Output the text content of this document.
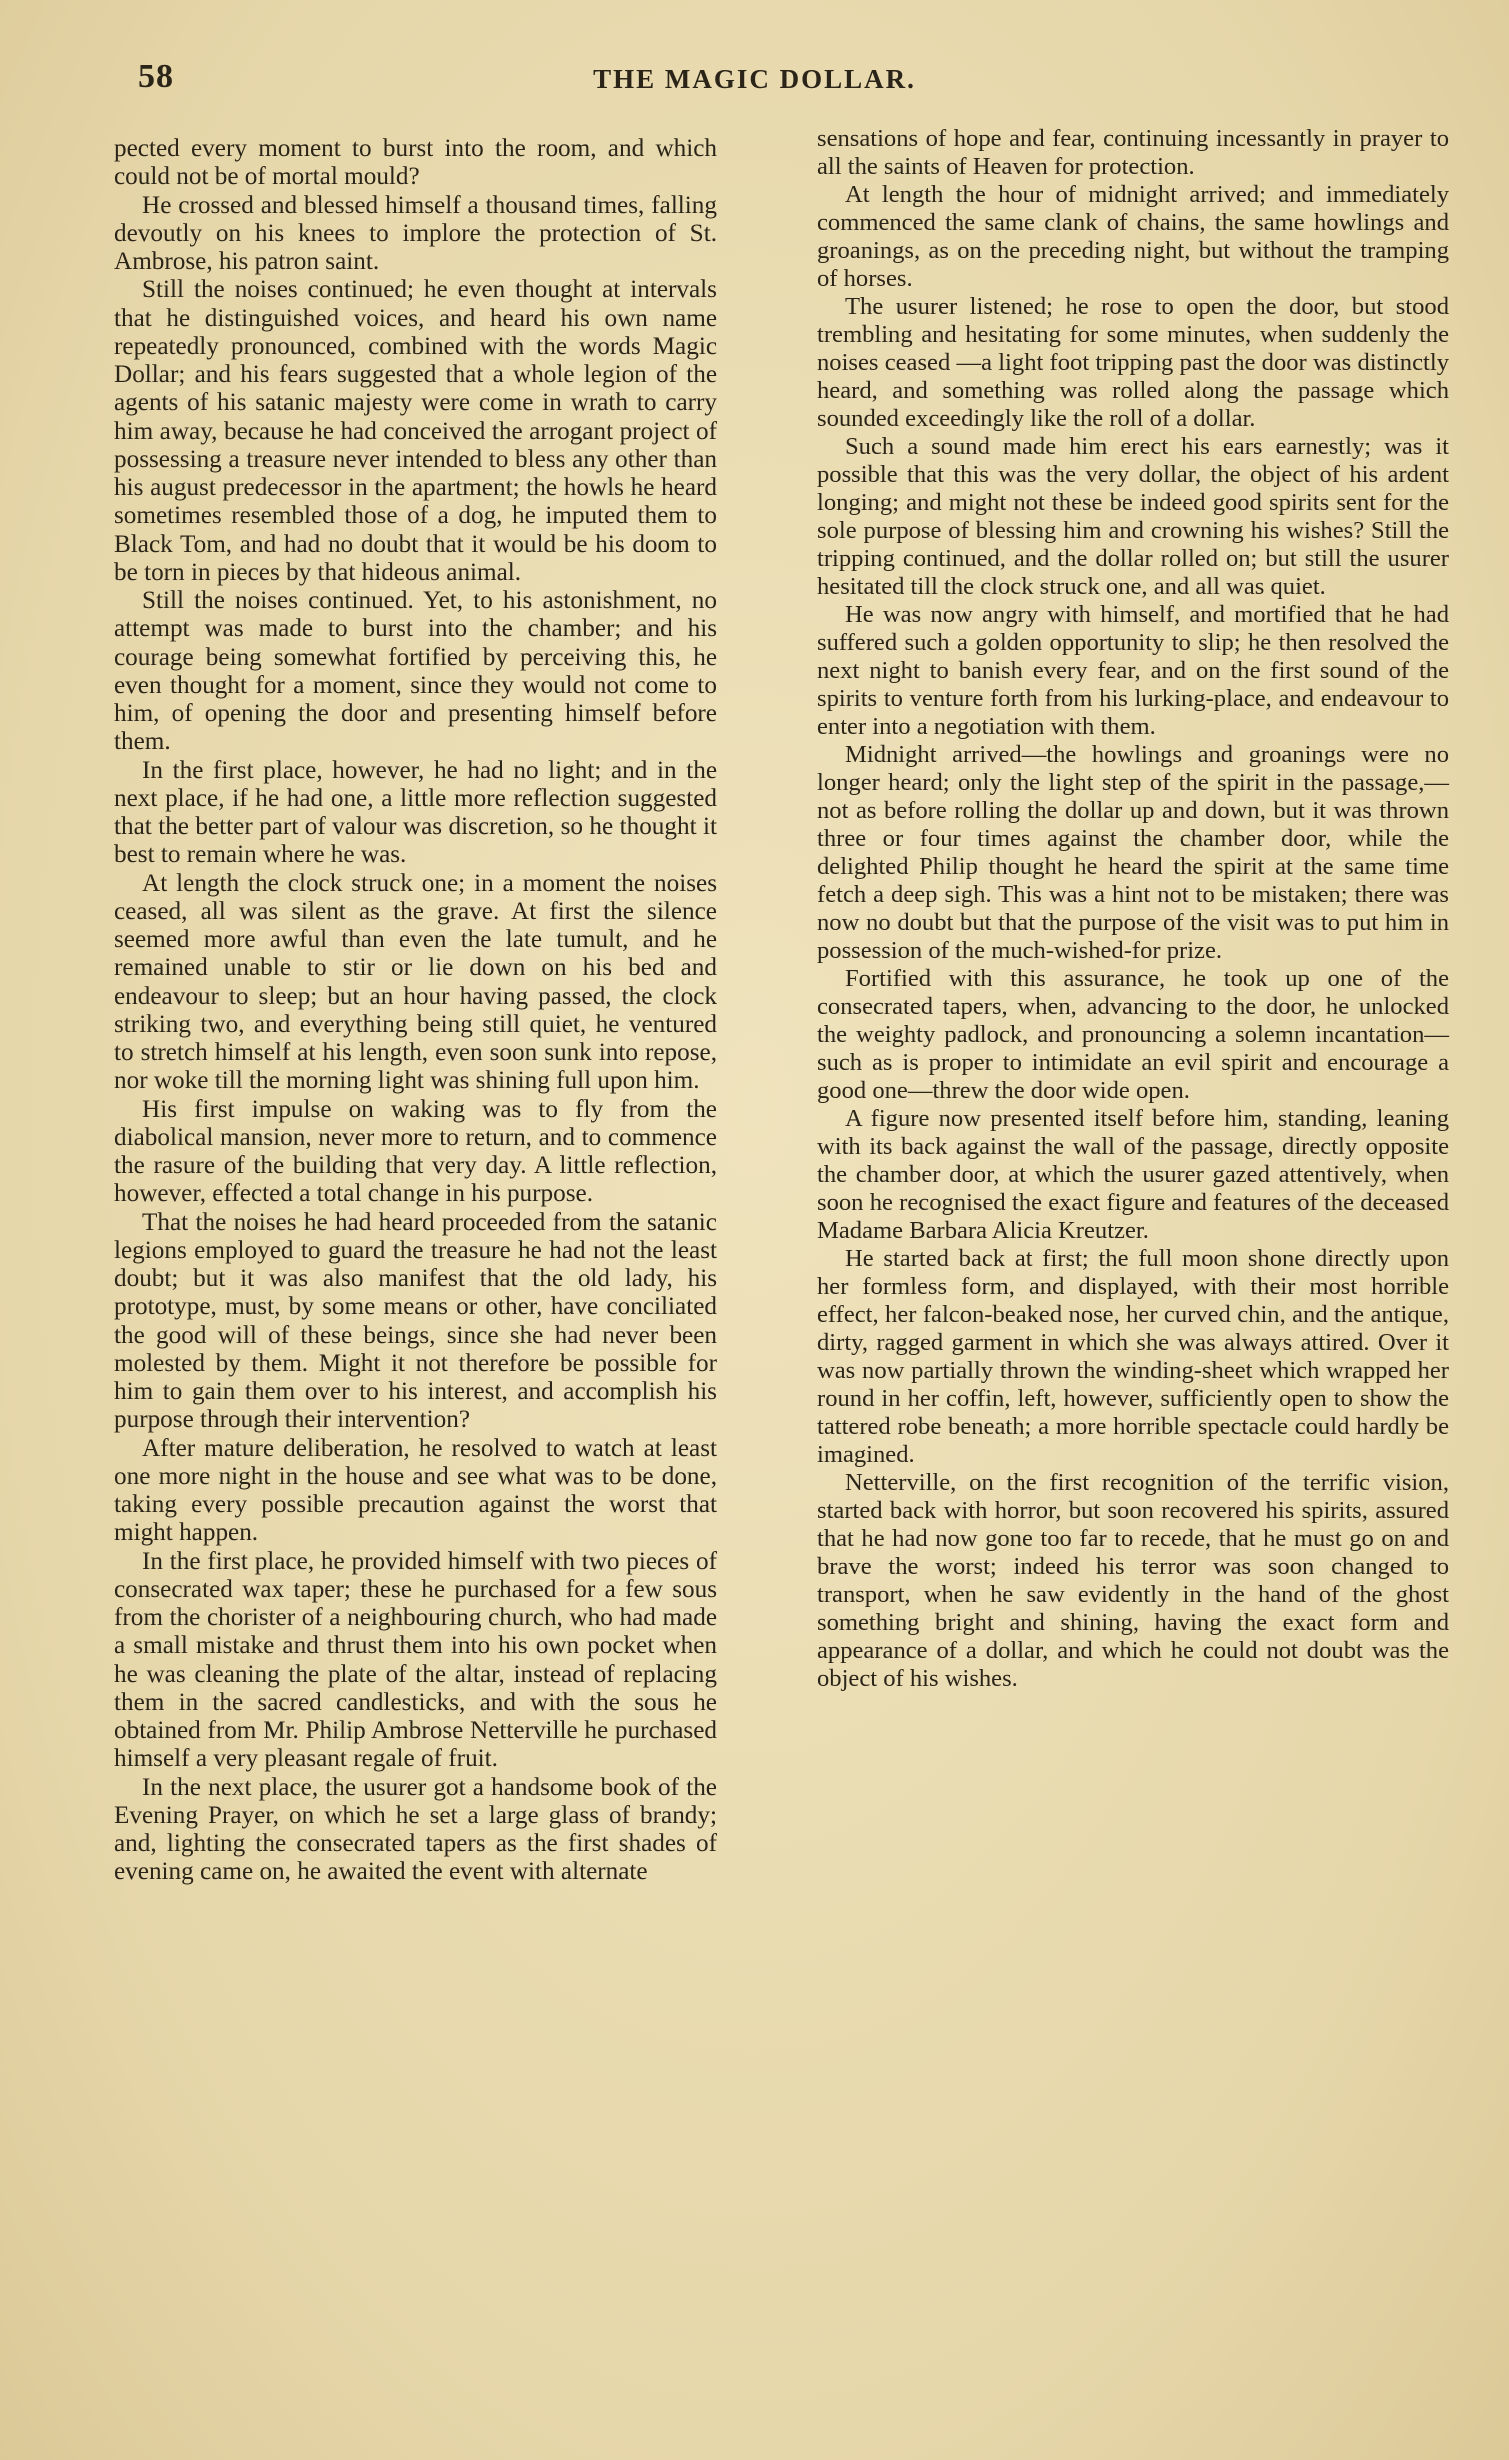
58	THE MAGIC DOLLAR.

pected every moment to burst into the room, and which could not be of mortal mould?

He crossed and blessed himself a thousand times, falling devoutly on his knees to implore the protection of St. Ambrose, his patron saint.

Still the noises continued; he even thought at intervals that he distinguished voices, and heard his own name repeatedly pronounced, combined with the words Magic Dollar; and his fears suggested that a whole legion of the agents of his satanic majesty were come in wrath to carry him away, because he had conceived the arrogant project of possessing a treasure never intended to bless any other than his august predecessor in the apartment; the howls he heard sometimes resembled those of a dog, he imputed them to Black Tom, and had no doubt that it would be his doom to be torn in pieces by that hideous animal.

Still the noises continued. Yet, to his astonishment, no attempt was made to burst into the chamber; and his courage being somewhat fortified by perceiving this, he even thought for a moment, since they would not come to him, of opening the door and presenting himself before them.

In the first place, however, he had no light; and in the next place, if he had one, a little more reflection suggested that the better part of valour was discretion, so he thought it best to remain where he was.

At length the clock struck one; in a moment the noises ceased, all was silent as the grave. At first the silence seemed more awful than even the late tumult, and he remained unable to stir or lie down on his bed and endeavour to sleep; but an hour having passed, the clock striking two, and everything being still quiet, he ventured to stretch himself at his length, even soon sunk into repose, nor woke till the morning light was shining full upon him.

His first impulse on waking was to fly from the diabolical mansion, never more to return, and to commence the rasure of the building that very day. A little reflection, however, effected a total change in his purpose.

That the noises he had heard proceeded from the satanic legions employed to guard the treasure he had not the least doubt; but it was also manifest that the old lady, his prototype, must, by some means or other, have conciliated the good will of these beings, since she had never been molested by them. Might it not therefore be possible for him to gain them over to his interest, and accomplish his purpose through their intervention?

After mature deliberation, he resolved to watch at least one more night in the house and see what was to be done, taking every possible precaution against the worst that might happen.

In the first place, he provided himself with two pieces of consecrated wax taper; these he purchased for a few sous from the chorister of a neighbouring church, who had made a small mistake and thrust them into his own pocket when he was cleaning the plate of the altar, instead of replacing them in the sacred candlesticks, and with the sous he obtained from Mr. Philip Ambrose Netterville he purchased himself a very pleasant regale of fruit.

In the next place, the usurer got a handsome book of the Evening Prayer, on which he set a large glass of brandy; and, lighting the consecrated tapers as the first shades of evening came on, he awaited the event with alternate

sensations of hope and fear, continuing incessantly in prayer to all the saints of Heaven for protection.

At length the hour of midnight arrived; and immediately commenced the same clank of chains, the same howlings and groanings, as on the preceding night, but without the tramping of horses.

The usurer listened; he rose to open the door, but stood trembling and hesitating for some minutes, when suddenly the noises ceased —a light foot tripping past the door was distinctly heard, and something was rolled along the passage which sounded exceedingly like the roll of a dollar.

Such a sound made him erect his ears earnestly; was it possible that this was the very dollar, the object of his ardent longing; and might not these be indeed good spirits sent for the sole purpose of blessing him and crowning his wishes? Still the tripping continued, and the dollar rolled on; but still the usurer hesitated till the clock struck one, and all was quiet.

He was now angry with himself, and mortified that he had suffered such a golden opportunity to slip; he then resolved the next night to banish every fear, and on the first sound of the spirits to venture forth from his lurking-place, and endeavour to enter into a negotiation with them.

Midnight arrived—the howlings and groanings were no longer heard; only the light step of the spirit in the passage,—not as before rolling the dollar up and down, but it was thrown three or four times against the chamber door, while the delighted Philip thought he heard the spirit at the same time fetch a deep sigh. This was a hint not to be mistaken; there was now no doubt but that the purpose of the visit was to put him in possession of the much-wished-for prize.

Fortified with this assurance, he took up one of the consecrated tapers, when, advancing to the door, he unlocked the weighty padlock, and pronouncing a solemn incantation—such as is proper to intimidate an evil spirit and encourage a good one—threw the door wide open.

A figure now presented itself before him, standing, leaning with its back against the wall of the passage, directly opposite the chamber door, at which the usurer gazed attentively, when soon he recognised the exact figure and features of the deceased Madame Barbara Alicia Kreutzer.

He started back at first; the full moon shone directly upon her formless form, and displayed, with their most horrible effect, her falcon-beaked nose, her curved chin, and the antique, dirty, ragged garment in which she was always attired. Over it was now partially thrown the winding-sheet which wrapped her round in her coffin, left, however, sufficiently open to show the tattered robe beneath; a more horrible spectacle could hardly be imagined.

Netterville, on the first recognition of the terrific vision, started back with horror, but soon recovered his spirits, assured that he had now gone too far to recede, that he must go on and brave the worst; indeed his terror was soon changed to transport, when he saw evidently in the hand of the ghost something bright and shining, having the exact form and appearance of a dollar, and which he could not doubt was the object of his wishes.
